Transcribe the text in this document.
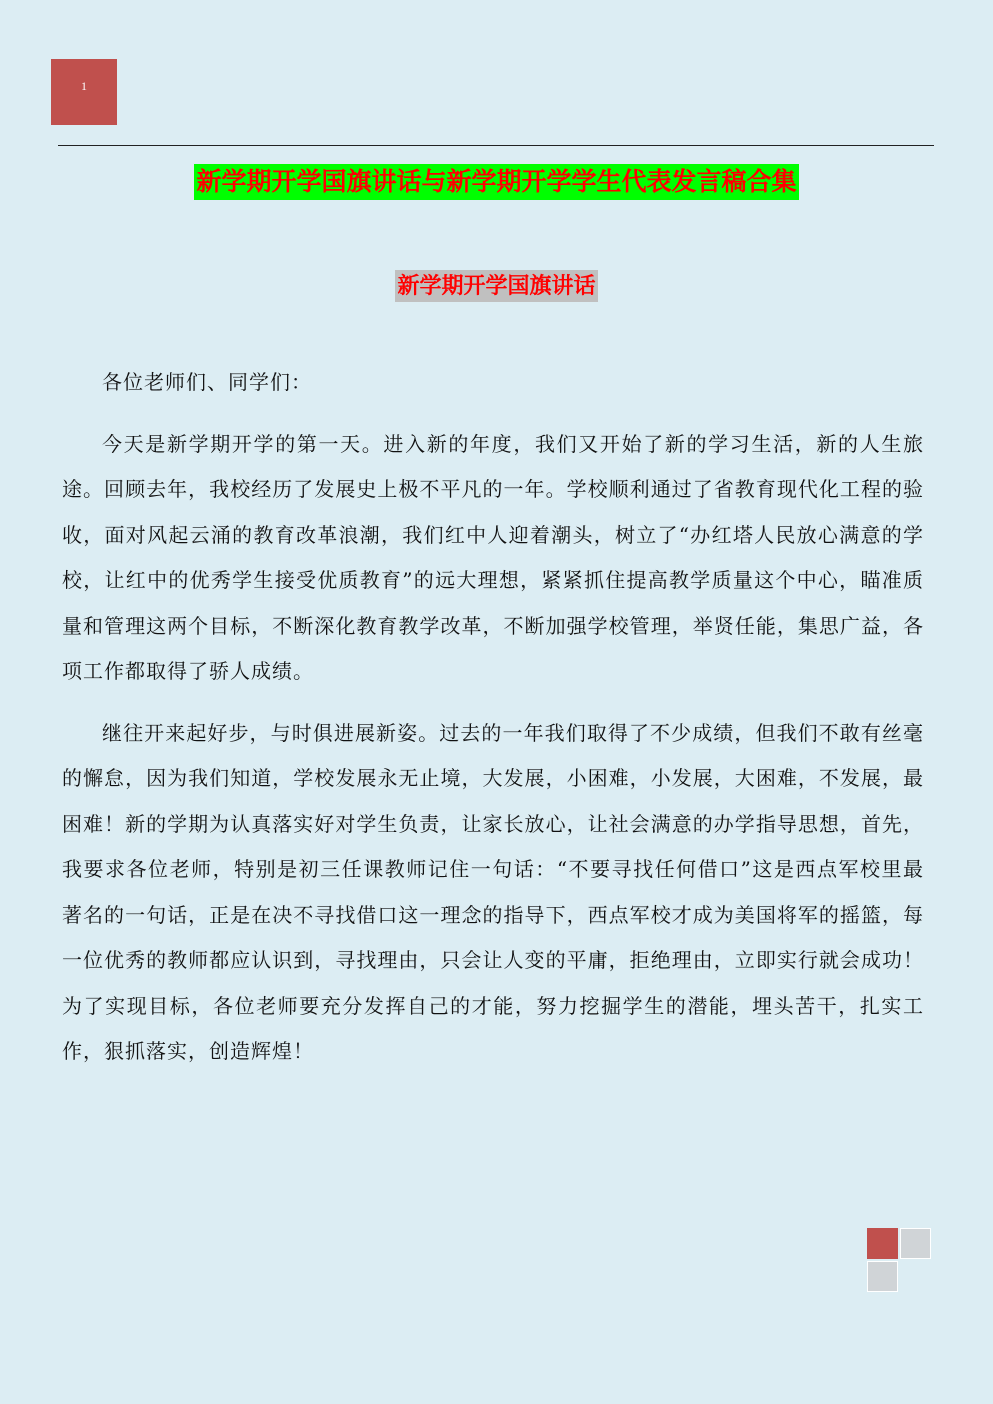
1
新学期开学国旗讲话与新学期开学学生代表发言稿合集
新学期开学国旗讲话

各位老师们、同学们：

今天是新学期开学的第一天。进入新的年度，我们又开始了新的学习生活，新的人生旅途。回顾去年，我校经历了发展史上极不平凡的一年。学校顺利通过了省教育现代化工程的验收，面对风起云涌的教育改革浪潮，我们红中人迎着潮头，树立了“办红塔人民放心满意的学校，让红中的优秀学生接受优质教育”的远大理想，紧紧抓住提高教学质量这个中心，瞄准质量和管理这两个目标，不断深化教育教学改革，不断加强学校管理，举贤任能，集思广益，各项工作都取得了骄人成绩。

继往开来起好步，与时俱进展新姿。过去的一年我们取得了不少成绩，但我们不敢有丝毫的懈怠，因为我们知道，学校发展永无止境，大发展，小困难，小发展，大困难，不发展，最困难！新的学期为认真落实好对学生负责，让家长放心，让社会满意的办学指导思想，首先，我要求各位老师，特别是初三任课教师记住一句话：“不要寻找任何借口”这是西点军校里最著名的一句话，正是在决不寻找借口这一理念的指导下，西点军校才成为美国将军的摇篮，每一位优秀的教师都应认识到，寻找理由，只会让人变的平庸，拒绝理由，立即实行就会成功！为了实现目标，各位老师要充分发挥自己的才能，努力挖掘学生的潜能，埋头苦干，扎实工作，狠抓落实，创造辉煌！
